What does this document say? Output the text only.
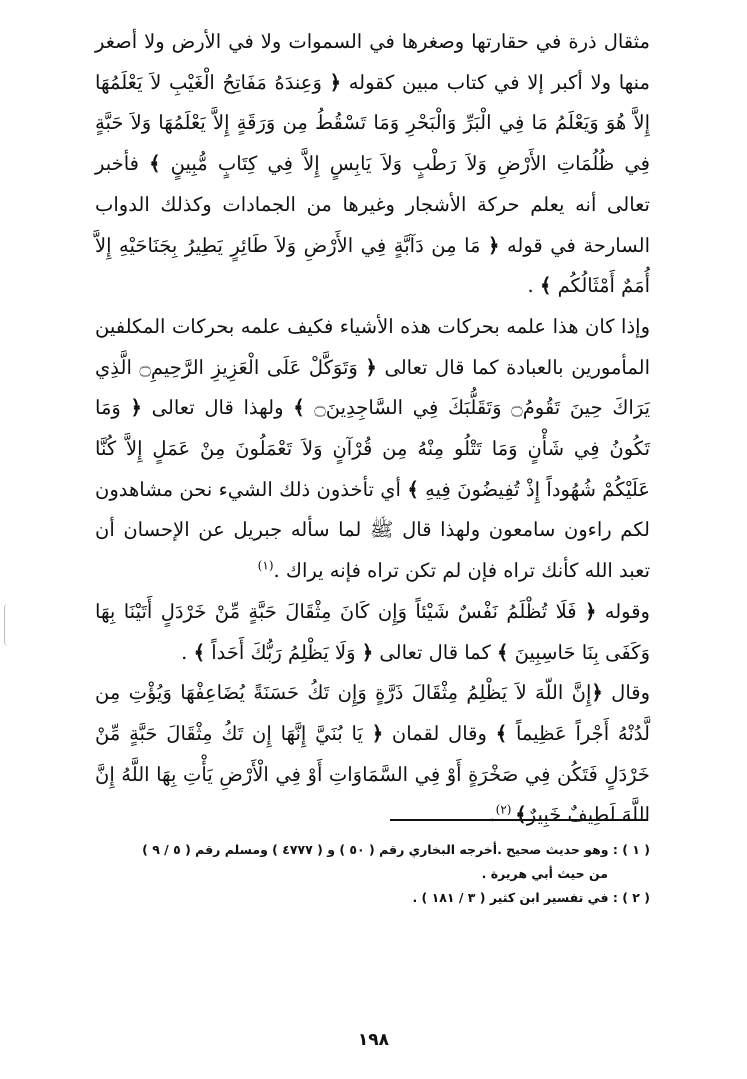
مثقال ذرة في حقارتها وصغرها في السموات ولا في الأرض ولا أصغر منها ولا أكبر إلا في كتاب مبين كقوله ﴿ وَعِندَهُ مَفَاتِحُ الْغَيْبِ لاَ يَعْلَمُهَا إِلاَّ هُوَ وَيَعْلَمُ مَا فِي الْبَرِّ وَالْبَحْرِ وَمَا تَسْقُطُ مِن وَرَقَةٍ إِلاَّ يَعْلَمُهَا وَلاَ حَبَّةٍ فِي ظُلُمَاتِ الأَرْضِ وَلاَ رَطْبٍ وَلاَ يَابِسٍ إِلاَّ فِي كِتَابٍ مُّبِينٍ ﴾ فأخبر تعالى أنه يعلم حركة الأشجار وغيرها من الجمادات وكذلك الدواب السارحة في قوله ﴿ مَا مِن دَآبَّةٍ فِي الأَرْضِ وَلاَ طَائِرٍ يَطِيرُ بِجَنَاحَيْهِ إِلاَّ أُمَمٌ أَمْثَالُكُم ﴾ .

وإذا كان هذا علمه بحركات هذه الأشياء فكيف علمه بحركات المكلفين المأمورين بالعبادة كما قال تعالى ﴿ وَتَوَكَّلْ عَلَى الْعَزِيزِ الرَّحِيمِ۝ الَّذِي يَرَاكَ حِينَ تَقُومُ۝ وَتَقَلُّبَكَ فِي السَّاجِدِينَ۝ ﴾ ولهذا قال تعالى ﴿ وَمَا تَكُونُ فِي شَأْنٍ وَمَا تَتْلُو مِنْهُ مِن قُرْآنٍ وَلاَ تَعْمَلُونَ مِنْ عَمَلٍ إِلاَّ كُنَّا عَلَيْكُمْ شُهُوداً إِذْ تُفِيضُونَ فِيهِ ﴾ أي تأخذون ذلك الشيء نحن مشاهدون لكم راءون سامعون ولهذا قال ﷺ لما سأله جبريل عن الإحسان أن تعبد الله كأنك تراه فإن لم تكن تراه فإنه يراك .$^{(١)}$

وقوله ﴿ فَلَا تُظْلَمُ نَفْسٌ شَيْئاً وَإِن كَانَ مِثْقَالَ حَبَّةٍ مِّنْ خَرْدَلٍ أَتَيْنَا بِهَا وَكَفَى بِنَا حَاسِبِينَ ﴾ كما قال تعالى ﴿ وَلَا يَظْلِمُ رَبُّكَ أَحَداً ﴾ .

وقال ﴿إِنَّ اللّهَ لاَ يَظْلِمُ مِثْقَالَ ذَرَّةٍ وَإِن تَكُ حَسَنَةً يُضَاعِفْهَا وَيُؤْتِ مِن لَّدُنْهُ أَجْراً عَظِيماً ﴾ وقال لقمان ﴿ يَا بُنَيَّ إِنَّهَا إِن تَكُ مِثْقَالَ حَبَّةٍ مِّنْ خَرْدَلٍ فَتَكُن فِي صَخْرَةٍ أَوْ فِي السَّمَاوَاتِ أَوْ فِي الْأَرْضِ يَأْتِ بِهَا اللَّهُ إِنَّ اللَّهَ لَطِيفٌ خَبِيرٌ﴾ $^{(٢)}$.

( ١ ) : وهو حديث صحيح .أخرجه البخاري رقم ( ٥٠ ) و ( ٤٧٧٧ ) ومسلم رقم ( ٥ / ٩ )

من حيث أبي هريرة .

( ٢ ) : في تفسير ابن كثير ( ٣ / ١٨١ ) .

١٩٨
